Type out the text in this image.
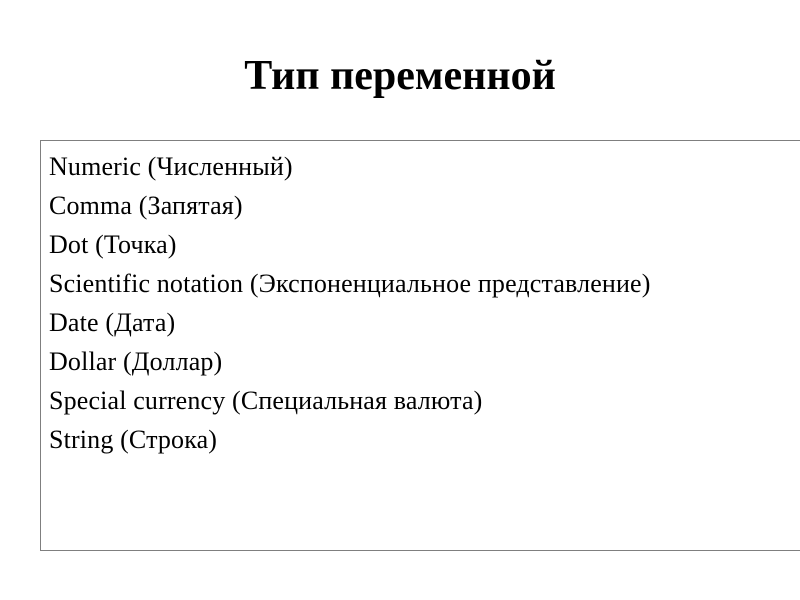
Тип переменной
Numeric (Численный)
Comma (Запятая)
Dot (Точка)
Scientific notation (Экспоненциальное представление)
Date (Дата)
Dollar (Доллар)
Special currency (Специальная валюта)
String (Строка)
